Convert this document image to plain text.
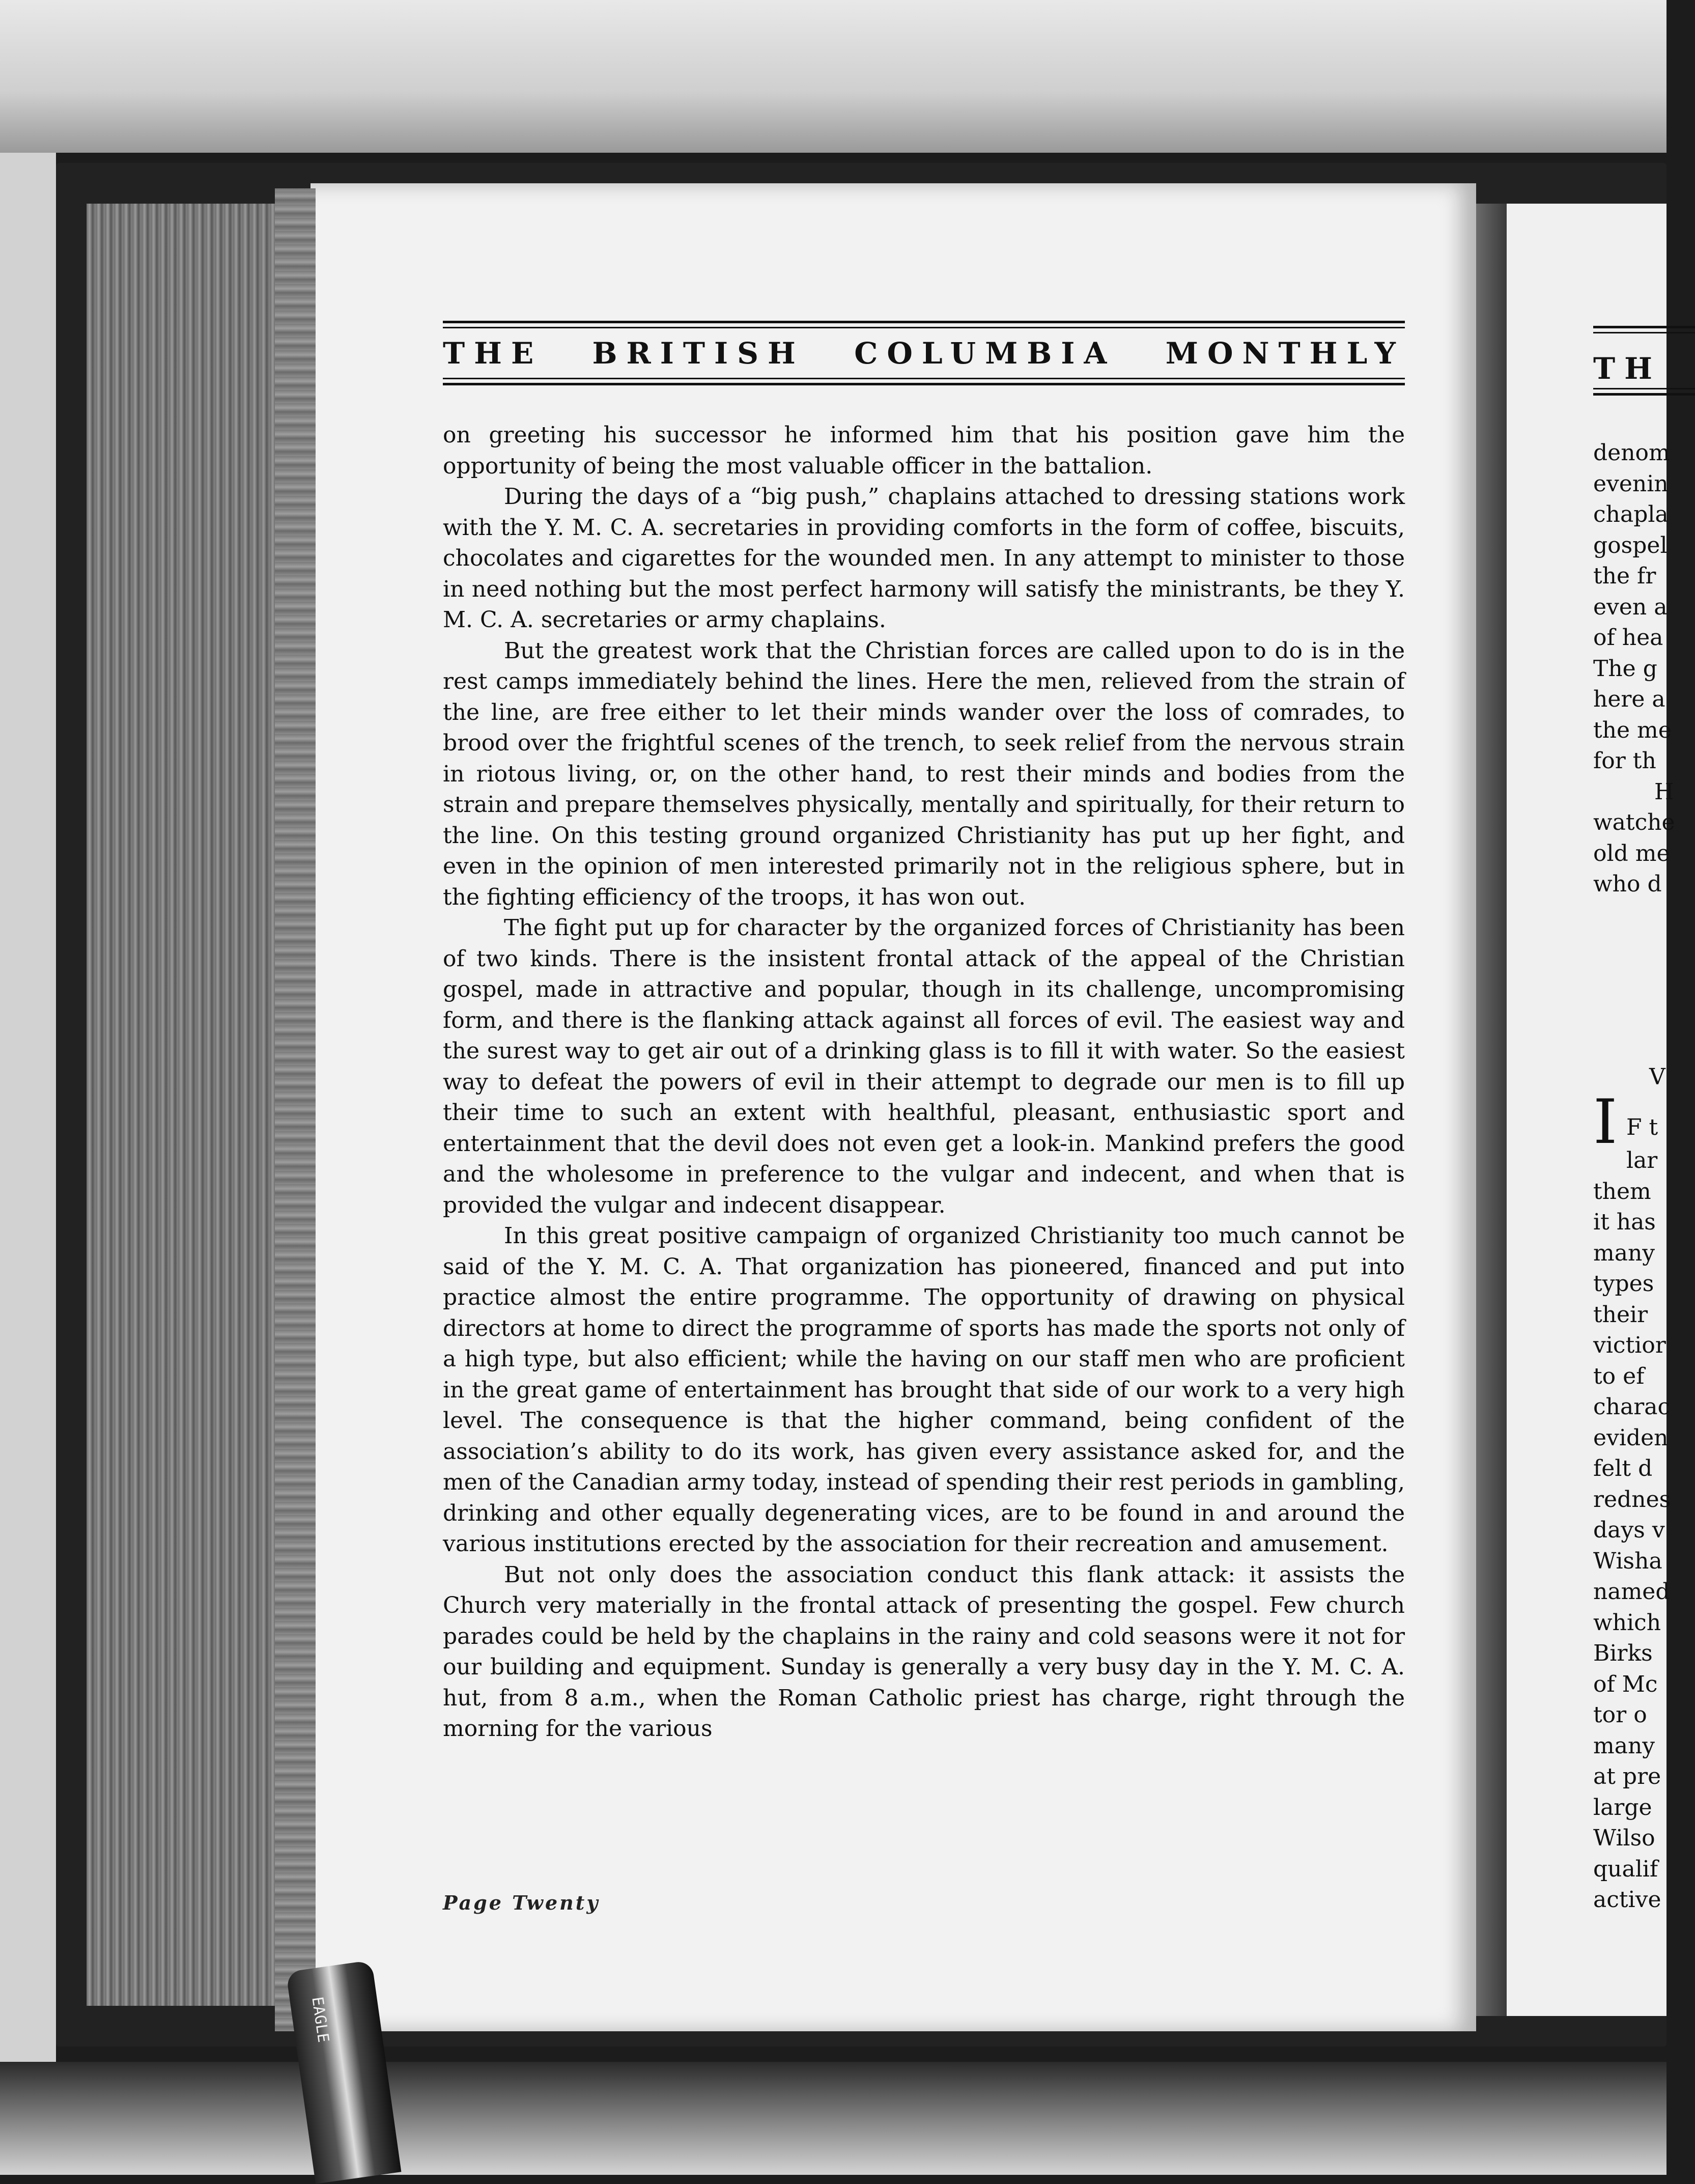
THE BRITISH COLUMBIA MONTHLY

on greeting his successor he informed him that his position gave him the opportunity of being the most valuable officer in the battalion.

During the days of a “big push,” chaplains attached to dressing stations work with the Y. M. C. A. secretaries in providing comforts in the form of coffee, biscuits, chocolates and cigarettes for the wounded men. In any attempt to minister to those in need nothing but the most perfect harmony will satisfy the ministrants, be they Y. M. C. A. secretaries or army chaplains.

But the greatest work that the Christian forces are called upon to do is in the rest camps immediately behind the lines. Here the men, relieved from the strain of the line, are free either to let their minds wander over the loss of comrades, to brood over the frightful scenes of the trench, to seek relief from the nervous strain in riotous living, or, on the other hand, to rest their minds and bodies from the strain and prepare themselves physically, mentally and spiritually, for their return to the line. On this testing ground organized Christianity has put up her fight, and even in the opinion of men interested primarily not in the religious sphere, but in the fighting efficiency of the troops, it has won out.

The fight put up for character by the organized forces of Christianity has been of two kinds. There is the insistent frontal attack of the appeal of the Christian gospel, made in attractive and popular, though in its challenge, uncompromising form, and there is the flanking attack against all forces of evil. The easiest way and the surest way to get air out of a drinking glass is to fill it with water. So the easiest way to defeat the powers of evil in their attempt to degrade our men is to fill up their time to such an extent with healthful, pleasant, enthusiastic sport and entertainment that the devil does not even get a look-in. Mankind prefers the good and the wholesome in preference to the vulgar and indecent, and when that is provided the vulgar and indecent disappear.

In this great positive campaign of organized Christianity too much cannot be said of the Y. M. C. A. That organization has pioneered, financed and put into practice almost the entire programme. The opportunity of drawing on physical directors at home to direct the programme of sports has made the sports not only of a high type, but also efficient; while the having on our staff men who are proficient in the great game of entertainment has brought that side of our work to a very high level. The consequence is that the higher command, being confident of the association’s ability to do its work, has given every assistance asked for, and the men of the Canadian army today, instead of spending their rest periods in gambling, drinking and other equally degenerating vices, are to be found in and around the various institutions erected by the association for their recreation and amusement.

But not only does the association conduct this flank attack: it assists the Church very materially in the frontal attack of presenting the gospel. Few church parades could be held by the chaplains in the rainy and cold seasons were it not for our building and equipment. Sunday is generally a very busy day in the Y. M. C. A. hut, from 8 a.m., when the Roman Catholic priest has charge, right through the morning for the various

Page Twenty
TH
denom
evenin
chapla
gospel
the fr
even a
of hea
The g
here a
the me
for th
H
watche
old me
who d
V
I F t
lar
them
it has
many
types
their
victior
to ef
charac
eviden
felt d
rednes
days v
Wisha
named
which
Birks
of Mc
tor o
many
at pre
large
Wilso
qualif
active
EAGLE
